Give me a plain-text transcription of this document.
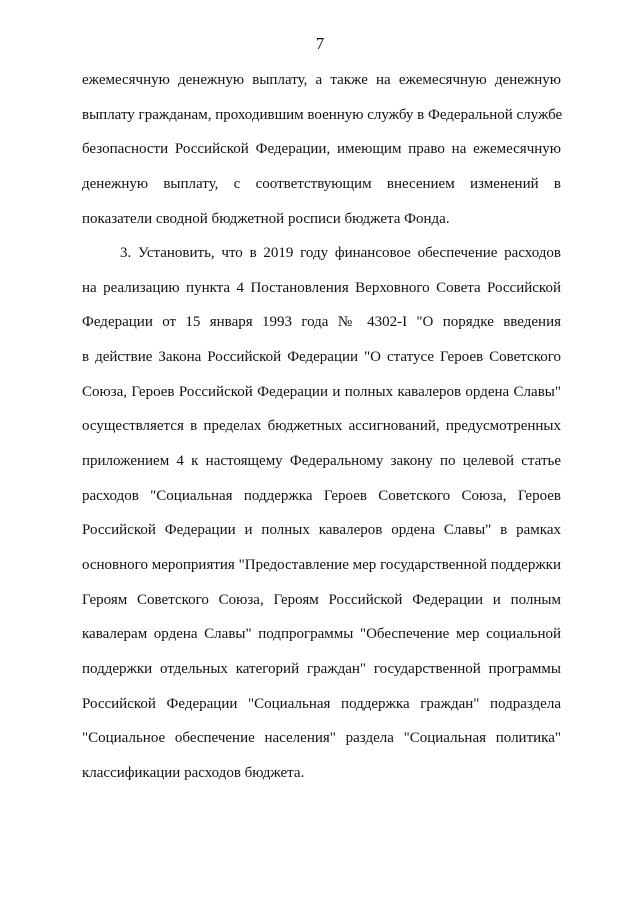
7
ежемесячную денежную выплату, а также на ежемесячную денежную
выплату гражданам, проходившим военную службу в Федеральной службе
безопасности Российской Федерации, имеющим право на ежемесячную
денежную выплату, с соответствующим внесением изменений в
показатели сводной бюджетной росписи бюджета Фонда.
3. Установить, что в 2019 году финансовое обеспечение расходов
на реализацию пункта 4 Постановления Верховного Совета Российской
Федерации от 15 января 1993 года № 4302-I "О порядке введения
в действие Закона Российской Федерации "О статусе Героев Советского
Союза, Героев Российской Федерации и полных кавалеров ордена Славы"
осуществляется в пределах бюджетных ассигнований, предусмотренных
приложением 4 к настоящему Федеральному закону по целевой статье
расходов "Социальная поддержка Героев Советского Союза, Героев
Российской Федерации и полных кавалеров ордена Славы" в рамках
основного мероприятия "Предоставление мер государственной поддержки
Героям Советского Союза, Героям Российской Федерации и полным
кавалерам ордена Славы" подпрограммы "Обеспечение мер социальной
поддержки отдельных категорий граждан" государственной программы
Российской Федерации "Социальная поддержка граждан" подраздела
"Социальное обеспечение населения" раздела "Социальная политика"
классификации расходов бюджета.
